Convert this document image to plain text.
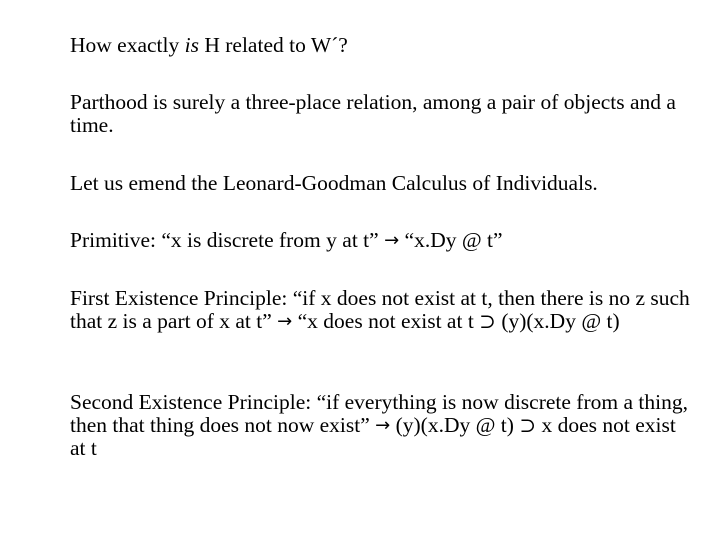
How exactly is H related to W´?
Parthood is surely a three-place relation, among a pair of objects and a time.
Let us emend the Leonard-Goodman Calculus of Individuals.
Primitive: “x is discrete from y at t” → “x.Dy @ t”
First Existence Principle: “if x does not exist at t, then there is no z such that z is a part of x at t” → “x does not exist at t ⊃ (y)(x.Dy @ t)
Second Existence Principle: “if everything is now discrete from a thing, then that thing does not now exist” → (y)(x.Dy @ t) ⊃ x does not exist at t
